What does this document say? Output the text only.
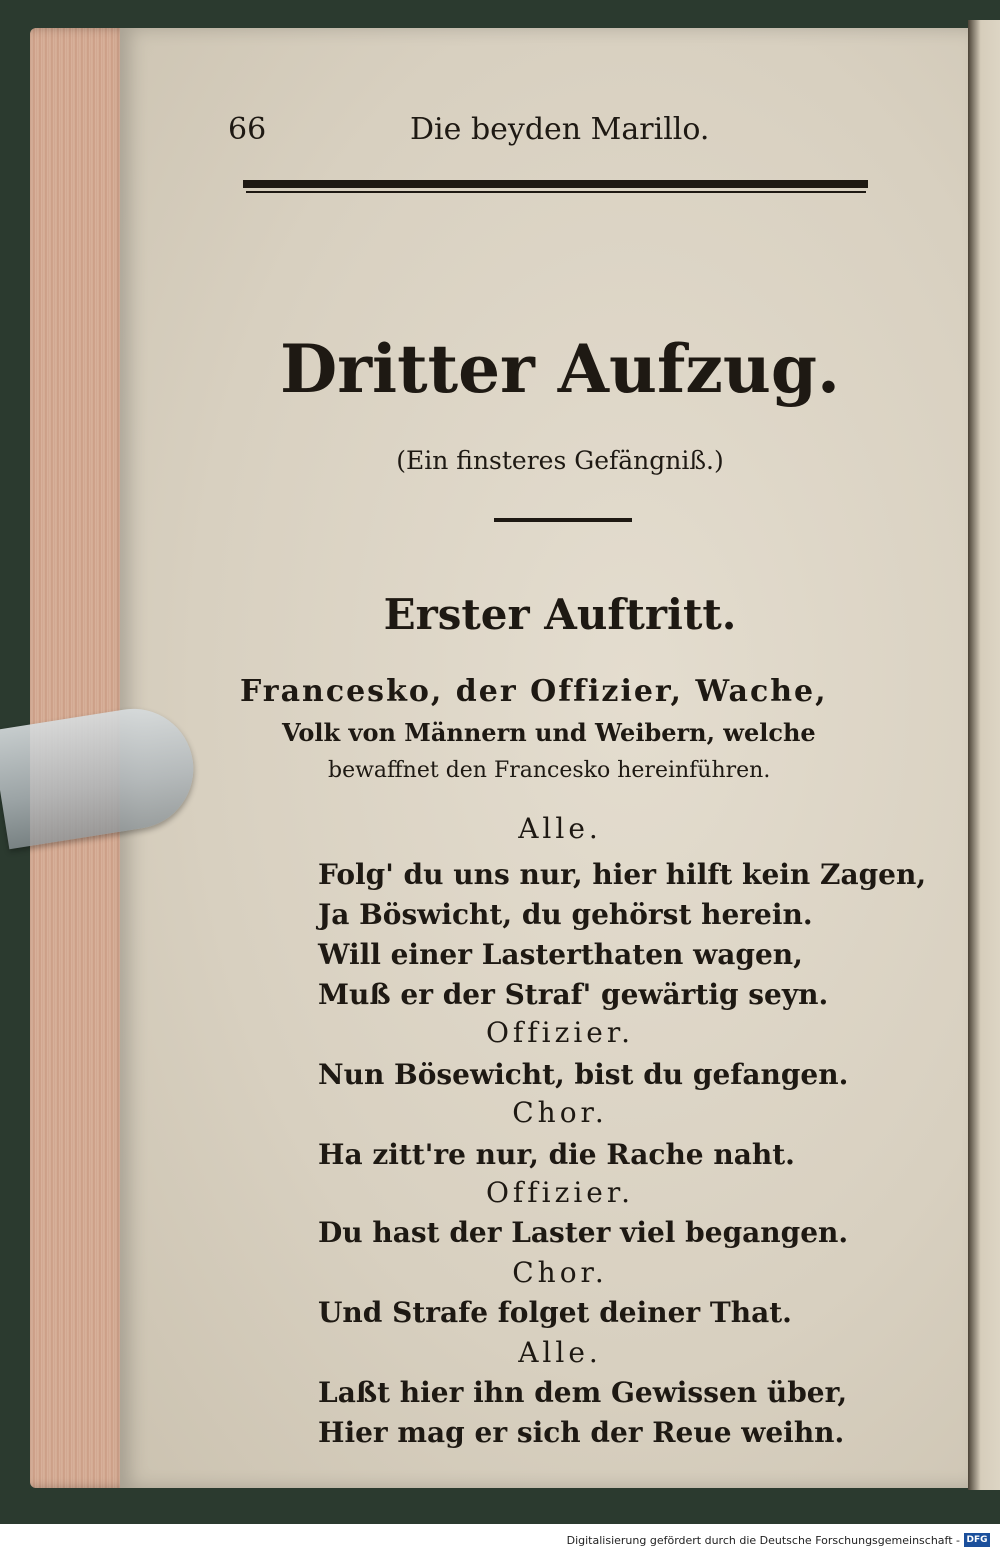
66	Die beyden Marillo.
Dritter Aufzug.
(Ein finsteres Gefängniß.)
Erster Auftritt.
Francesko, der Offizier, Wache,
Volk von Männern und Weibern, welche
bewaffnet den Francesko hereinführen.
Alle.
Folg' du uns nur, hier hilft kein Zagen,
Ja Böswicht, du gehörst herein.
Will einer Lasterthaten wagen,
Muß er der Straf' gewärtig seyn.
Offizier.
Nun Bösewicht, bist du gefangen.
Chor.
Ha zitt're nur, die Rache naht.
Offizier.
Du hast der Laster viel begangen.
Chor.
Und Strafe folget deiner That.
Alle.
Laßt hier ihn dem Gewissen über,
Hier mag er sich der Reue weihn.
Digitalisierung gefördert durch die Deutsche Forschungsgemeinschaft - DFG
